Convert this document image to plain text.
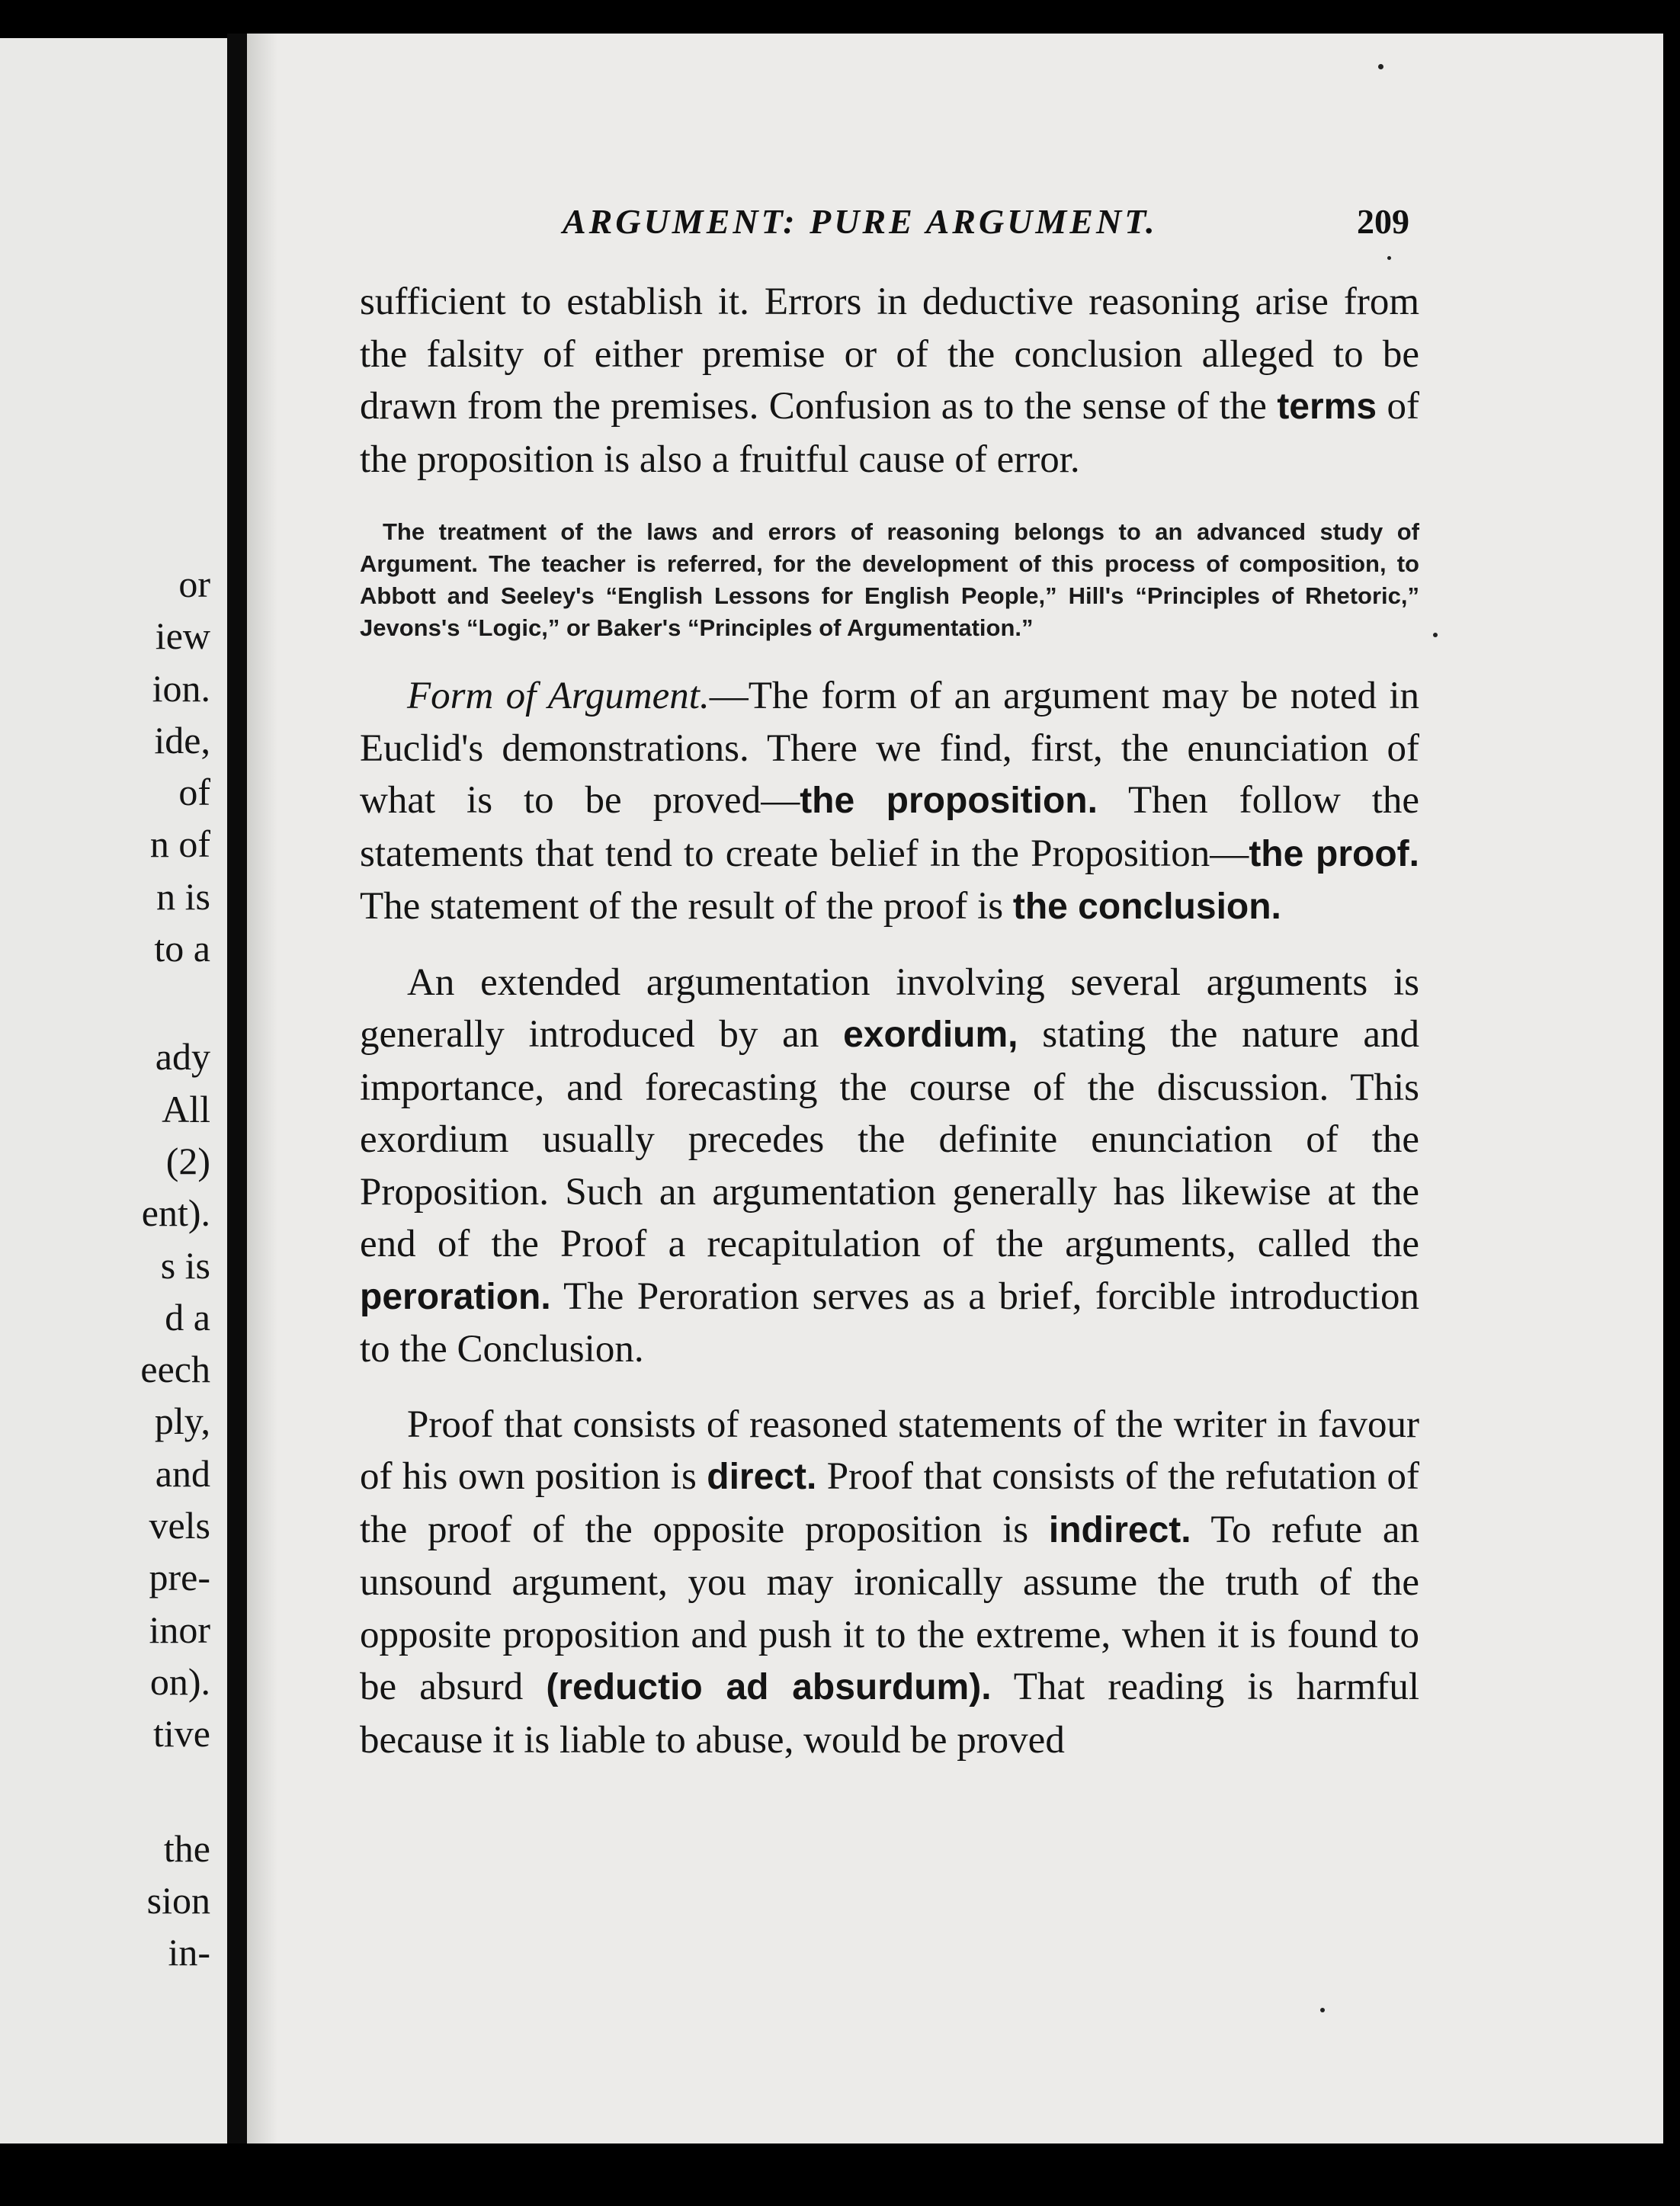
or
iew
ion.
ide,
of
n of
n is
to a
ady
All
(2)
ent).
s is
d a
eech
ply,
and
vels
pre-
inor
on).
tive
the
sion
in-
ARGUMENT: PURE ARGUMENT.	209

sufficient to establish it. Errors in deductive reasoning arise from the falsity of either premise or of the conclusion alleged to be drawn from the premises. Confusion as to the sense of the terms of the proposition is also a fruitful cause of error.

The treatment of the laws and errors of reasoning belongs to an advanced study of Argument. The teacher is referred, for the development of this process of composition, to Abbott and Seeley's “English Lessons for English People,” Hill's “Principles of Rhetoric,” Jevons's “Logic,” or Baker's “Principles of Argumentation.”

Form of Argument.—The form of an argument may be noted in Euclid's demonstrations. There we find, first, the enunciation of what is to be proved—the proposition. Then follow the statements that tend to create belief in the Proposition—the proof. The statement of the result of the proof is the conclusion.

An extended argumentation involving several arguments is generally introduced by an exordium, stating the nature and importance, and forecasting the course of the discussion. This exordium usually precedes the definite enunciation of the Proposition. Such an argumentation generally has likewise at the end of the Proof a recapitulation of the arguments, called the peroration. The Peroration serves as a brief, forcible introduction to the Conclusion.

Proof that consists of reasoned statements of the writer in favour of his own position is direct. Proof that consists of the refutation of the proof of the opposite proposition is indirect. To refute an unsound argument, you may ironically assume the truth of the opposite proposition and push it to the extreme, when it is found to be absurd (reductio ad absurdum). That reading is harmful because it is liable to abuse, would be proved
